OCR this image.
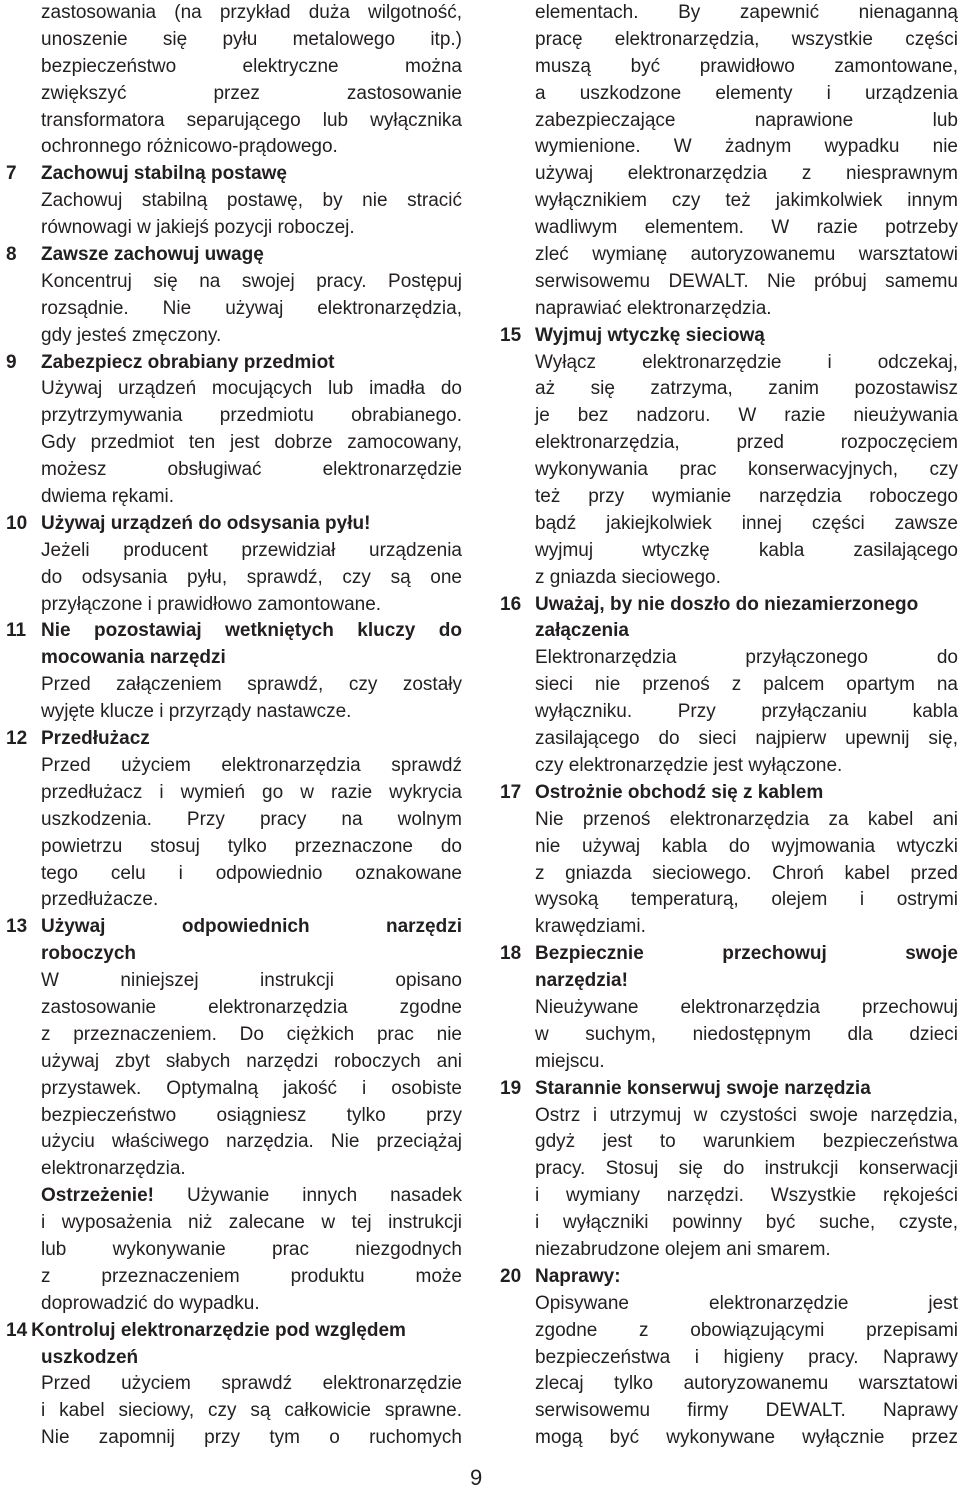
zastosowania (na przykład duża wilgotność,
unoszenie się pyłu metalowego itp.)
bezpieczeństwo elektryczne można
zwiększyć przez zastosowanie
transformatora separującego lub wyłącznika
ochronnego różnicowo-prądowego.
7	Zachowuj stabilną postawę
Zachowuj stabilną postawę, by nie stracić
równowagi w jakiejś pozycji roboczej.
8	Zawsze zachowuj uwagę
Koncentruj się na swojej pracy. Postępuj
rozsądnie. Nie używaj elektronarzędzia,
gdy jesteś zmęczony.
9	Zabezpiecz obrabiany przedmiot
Używaj urządzeń mocujących lub imadła do
przytrzymywania przedmiotu obrabianego.
Gdy przedmiot ten jest dobrze zamocowany,
możesz obsługiwać elektronarzędzie
dwiema rękami.
10 Używaj urządzeń do odsysania pyłu!
Jeżeli producent przewidział urządzenia
do odsysania pyłu, sprawdź, czy są one
przyłączone i prawidłowo zamontowane.
11 Nie pozostawiaj wetkniętych kluczy do
mocowania narzędzi
Przed załączeniem sprawdź, czy zostały
wyjęte klucze i przyrządy nastawcze.
12 Przedłużacz
Przed użyciem elektronarzędzia sprawdź
przedłużacz i wymień go w razie wykrycia
uszkodzenia. Przy pracy na wolnym
powietrzu stosuj tylko przeznaczone do
tego celu i odpowiednio oznakowane
przedłużacze.
13 Używaj odpowiednich narzędzi
roboczych
W niniejszej instrukcji opisano
zastosowanie elektronarzędzia zgodne
z przeznaczeniem. Do ciężkich prac nie
używaj zbyt słabych narzędzi roboczych ani
przystawek. Optymalną jakość i osobiste
bezpieczeństwo osiągniesz tylko przy
użyciu właściwego narzędzia. Nie przeciążaj
elektronarzędzia.
Ostrzeżenie! Używanie innych nasadek
i wyposażenia niż zalecane w tej instrukcji
lub wykonywanie prac niezgodnych
z przeznaczeniem produktu może
doprowadzić do wypadku.
14 Kontroluj elektronarzędzie pod względem
uszkodzeń
Przed użyciem sprawdź elektronarzędzie
i kabel sieciowy, czy są całkowicie sprawne.
Nie zapomnij przy tym o ruchomych
elementach. By zapewnić nienaganną
pracę elektronarzędzia, wszystkie części
muszą być prawidłowo zamontowane,
a uszkodzone elementy i urządzenia
zabezpieczające naprawione lub
wymienione. W żadnym wypadku nie
używaj elektronarzędzia z niesprawnym
wyłącznikiem czy też jakimkolwiek innym
wadliwym elementem. W razie potrzeby
zleć wymianę autoryzowanemu warsztatowi
serwisowemu DEWALT. Nie próbuj samemu
naprawiać elektronarzędzia.
15 Wyjmuj wtyczkę sieciową
Wyłącz elektronarzędzie i odczekaj,
aż się zatrzyma, zanim pozostawisz
je bez nadzoru. W razie nieużywania
elektronarzędzia, przed rozpoczęciem
wykonywania prac konserwacyjnych, czy
też przy wymianie narzędzia roboczego
bądź jakiejkolwiek innej części zawsze
wyjmuj wtyczkę kabla zasilającego
z gniazda sieciowego.
16 Uważaj, by nie doszło do niezamierzonego
załączenia
Elektronarzędzia przyłączonego do
sieci nie przenoś z palcem opartym na
wyłączniku. Przy przyłączaniu kabla
zasilającego do sieci najpierw upewnij się,
czy elektronarzędzie jest wyłączone.
17 Ostrożnie obchodź się z kablem
Nie przenoś elektronarzędzia za kabel ani
nie używaj kabla do wyjmowania wtyczki
z gniazda sieciowego. Chroń kabel przed
wysoką temperaturą, olejem i ostrymi
krawędziami.
18 Bezpiecznie przechowuj swoje
narzędzia!
Nieużywane elektronarzędzia przechowuj
w suchym, niedostępnym dla dzieci
miejscu.
19 Starannie konserwuj swoje narzędzia
Ostrz i utrzymuj w czystości swoje narzędzia,
gdyż jest to warunkiem bezpieczeństwa
pracy. Stosuj się do instrukcji konserwacji
i wymiany narzędzi. Wszystkie rękojeści
i wyłączniki powinny być suche, czyste,
niezabrudzone olejem ani smarem.
20 Naprawy:
Opisywane elektronarzędzie jest
zgodne z obowiązującymi przepisami
bezpieczeństwa i higieny pracy. Naprawy
zlecaj tylko autoryzowanemu warsztatowi
serwisowemu firmy DEWALT. Naprawy
mogą być wykonywane wyłącznie przez
9
